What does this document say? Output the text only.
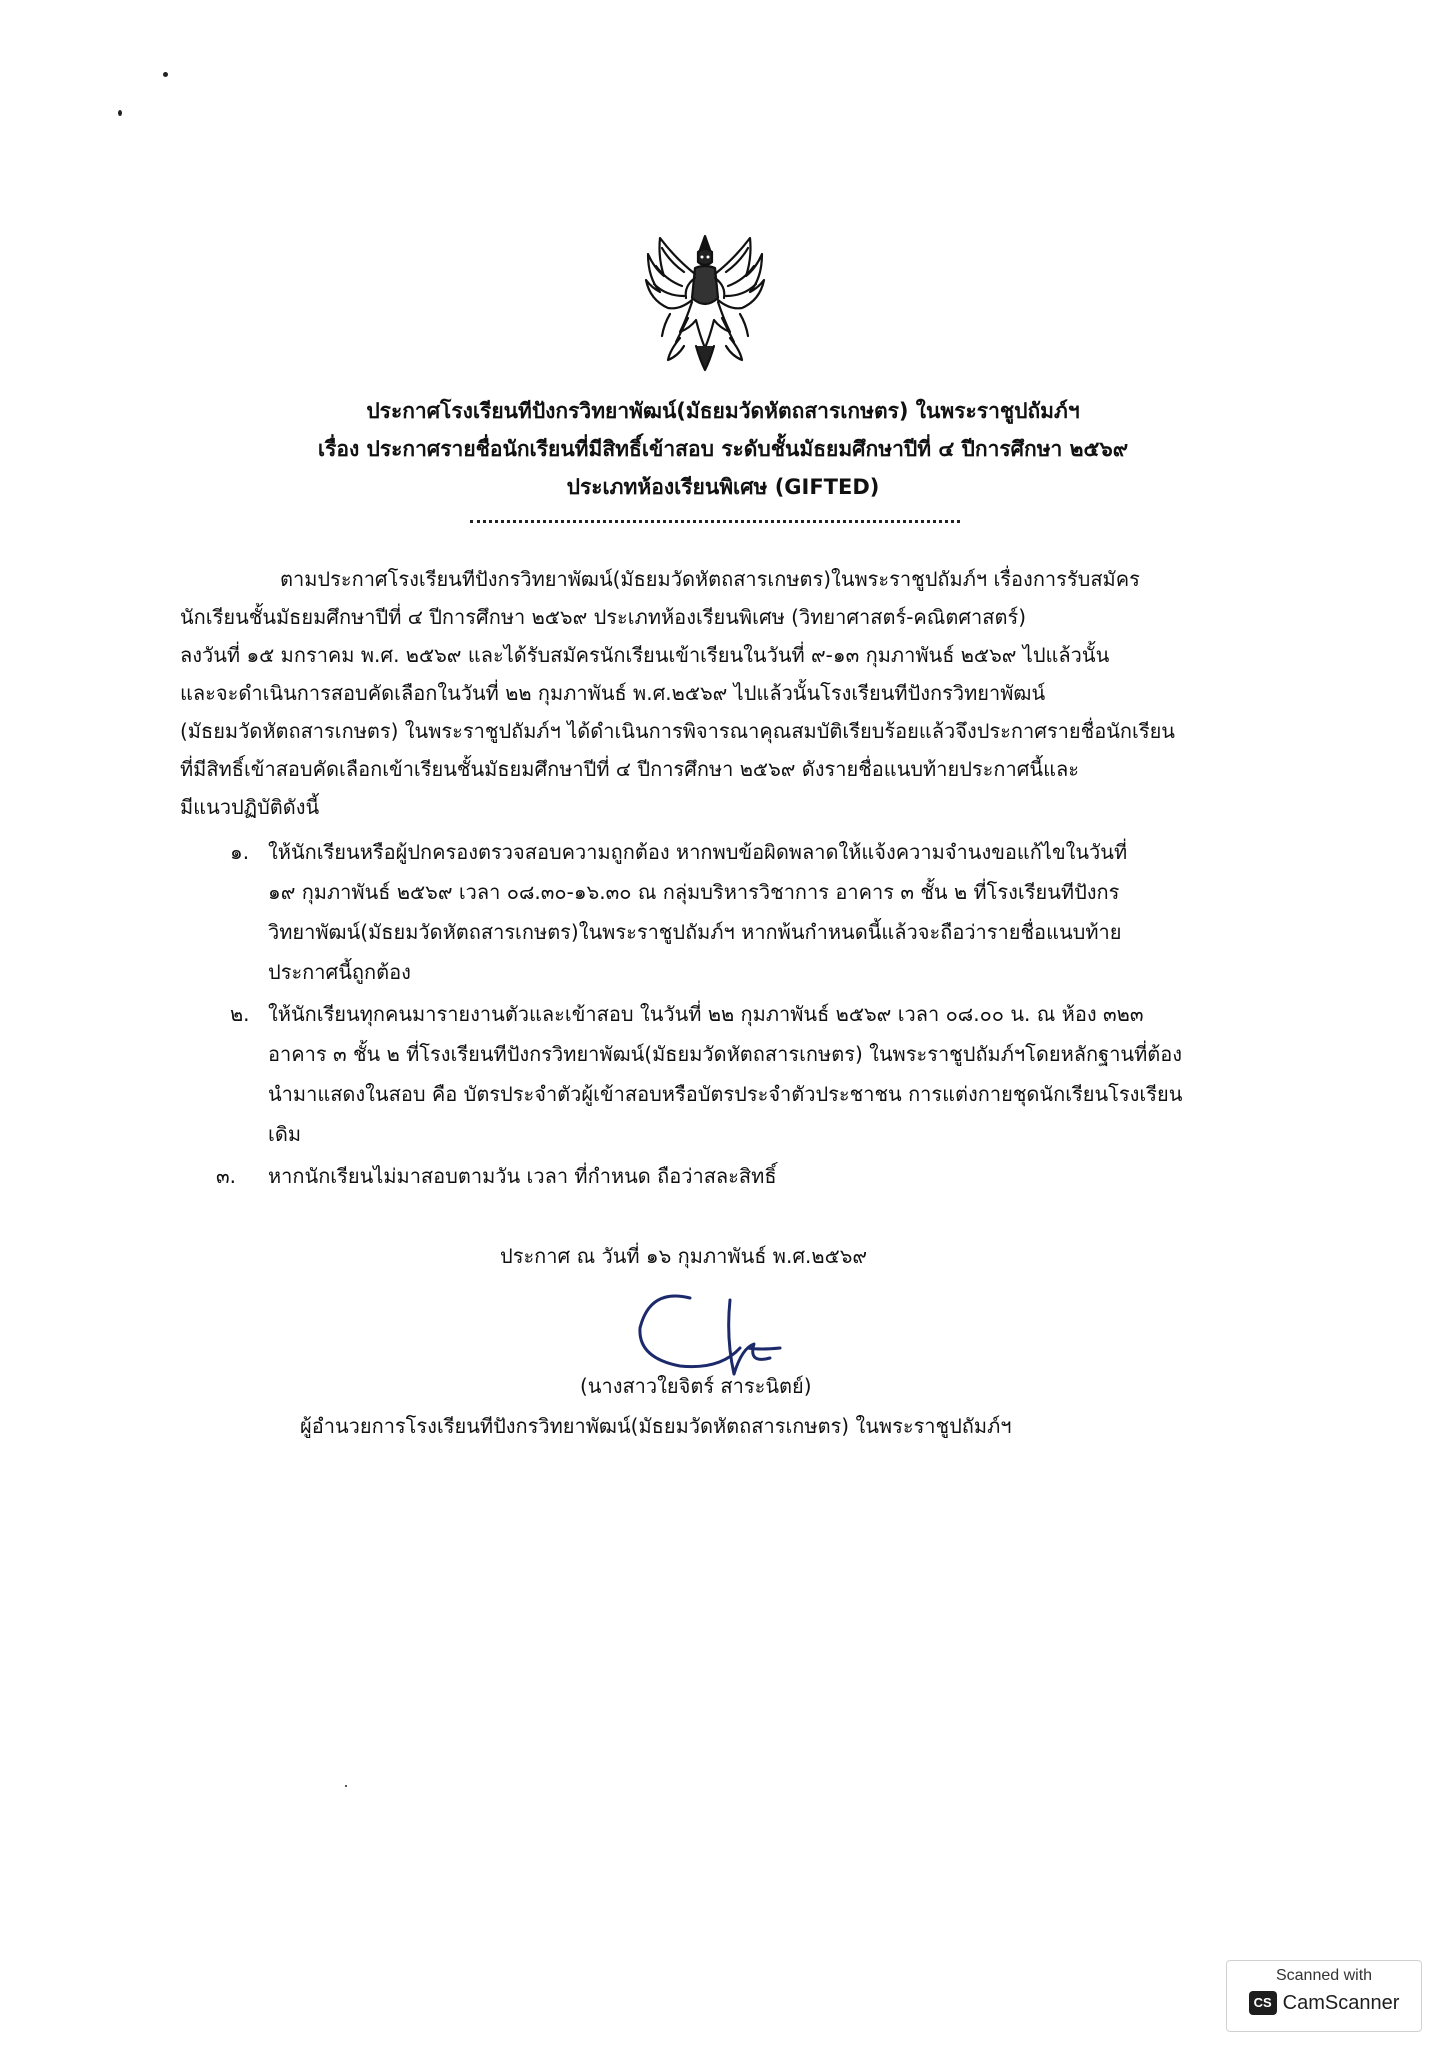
ประกาศโรงเรียนทีปังกรวิทยาพัฒน์(มัธยมวัดหัตถสารเกษตร) ในพระราชูปถัมภ์ฯ
เรื่อง ประกาศรายชื่อนักเรียนที่มีสิทธิ์เข้าสอบ ระดับชั้นมัธยมศึกษาปีที่ ๔ ปีการศึกษา ๒๕๖๙
ประเภทห้องเรียนพิเศษ (GIFTED)
ตามประกาศโรงเรียนทีปังกรวิทยาพัฒน์(มัธยมวัดหัตถสารเกษตร)ในพระราชูปถัมภ์ฯ เรื่องการรับสมัคร
นักเรียนชั้นมัธยมศึกษาปีที่ ๔ ปีการศึกษา ๒๕๖๙ ประเภทห้องเรียนพิเศษ (วิทยาศาสตร์-คณิตศาสตร์)
ลงวันที่ ๑๕ มกราคม พ.ศ. ๒๕๖๙ และได้รับสมัครนักเรียนเข้าเรียนในวันที่ ๙-๑๓ กุมภาพันธ์ ๒๕๖๙ ไปแล้วนั้น
และจะดำเนินการสอบคัดเลือกในวันที่ ๒๒ กุมภาพันธ์ พ.ศ.๒๕๖๙ ไปแล้วนั้นโรงเรียนทีปังกรวิทยาพัฒน์
(มัธยมวัดหัตถสารเกษตร) ในพระราชูปถัมภ์ฯ ได้ดำเนินการพิจารณาคุณสมบัติเรียบร้อยแล้วจึงประกาศรายชื่อนักเรียน
ที่มีสิทธิ์เข้าสอบคัดเลือกเข้าเรียนชั้นมัธยมศึกษาปีที่ ๔ ปีการศึกษา ๒๕๖๙ ดังรายชื่อแนบท้ายประกาศนี้และ
มีแนวปฏิบัติดังนี้
๑. ให้นักเรียนหรือผู้ปกครองตรวจสอบความถูกต้อง หากพบข้อผิดพลาดให้แจ้งความจำนงขอแก้ไขในวันที่
๑๙ กุมภาพันธ์ ๒๕๖๙ เวลา ๐๘.๓๐-๑๖.๓๐ ณ กลุ่มบริหารวิชาการ อาคาร ๓ ชั้น ๒ ที่โรงเรียนทีปังกร
วิทยาพัฒน์(มัธยมวัดหัตถสารเกษตร)ในพระราชูปถัมภ์ฯ หากพ้นกำหนดนี้แล้วจะถือว่ารายชื่อแนบท้าย
ประกาศนี้ถูกต้อง
๒. ให้นักเรียนทุกคนมารายงานตัวและเข้าสอบ ในวันที่ ๒๒ กุมภาพันธ์ ๒๕๖๙ เวลา ๐๘.๐๐ น. ณ ห้อง ๓๒๓
อาคาร ๓ ชั้น ๒ ที่โรงเรียนทีปังกรวิทยาพัฒน์(มัธยมวัดหัตถสารเกษตร) ในพระราชูปถัมภ์ฯโดยหลักฐานที่ต้อง
นำมาแสดงในสอบ คือ บัตรประจำตัวผู้เข้าสอบหรือบัตรประจำตัวประชาชน การแต่งกายชุดนักเรียนโรงเรียน
เดิม
๓. หากนักเรียนไม่มาสอบตามวัน เวลา ที่กำหนด ถือว่าสละสิทธิ์
ประกาศ ณ วันที่ ๑๖ กุมภาพันธ์ พ.ศ.๒๕๖๙
(นางสาวใยจิตร์ สาระนิตย์)
ผู้อำนวยการโรงเรียนทีปังกรวิทยาพัฒน์(มัธยมวัดหัตถสารเกษตร) ในพระราชูปถัมภ์ฯ
Scanned with
CS CamScanner
